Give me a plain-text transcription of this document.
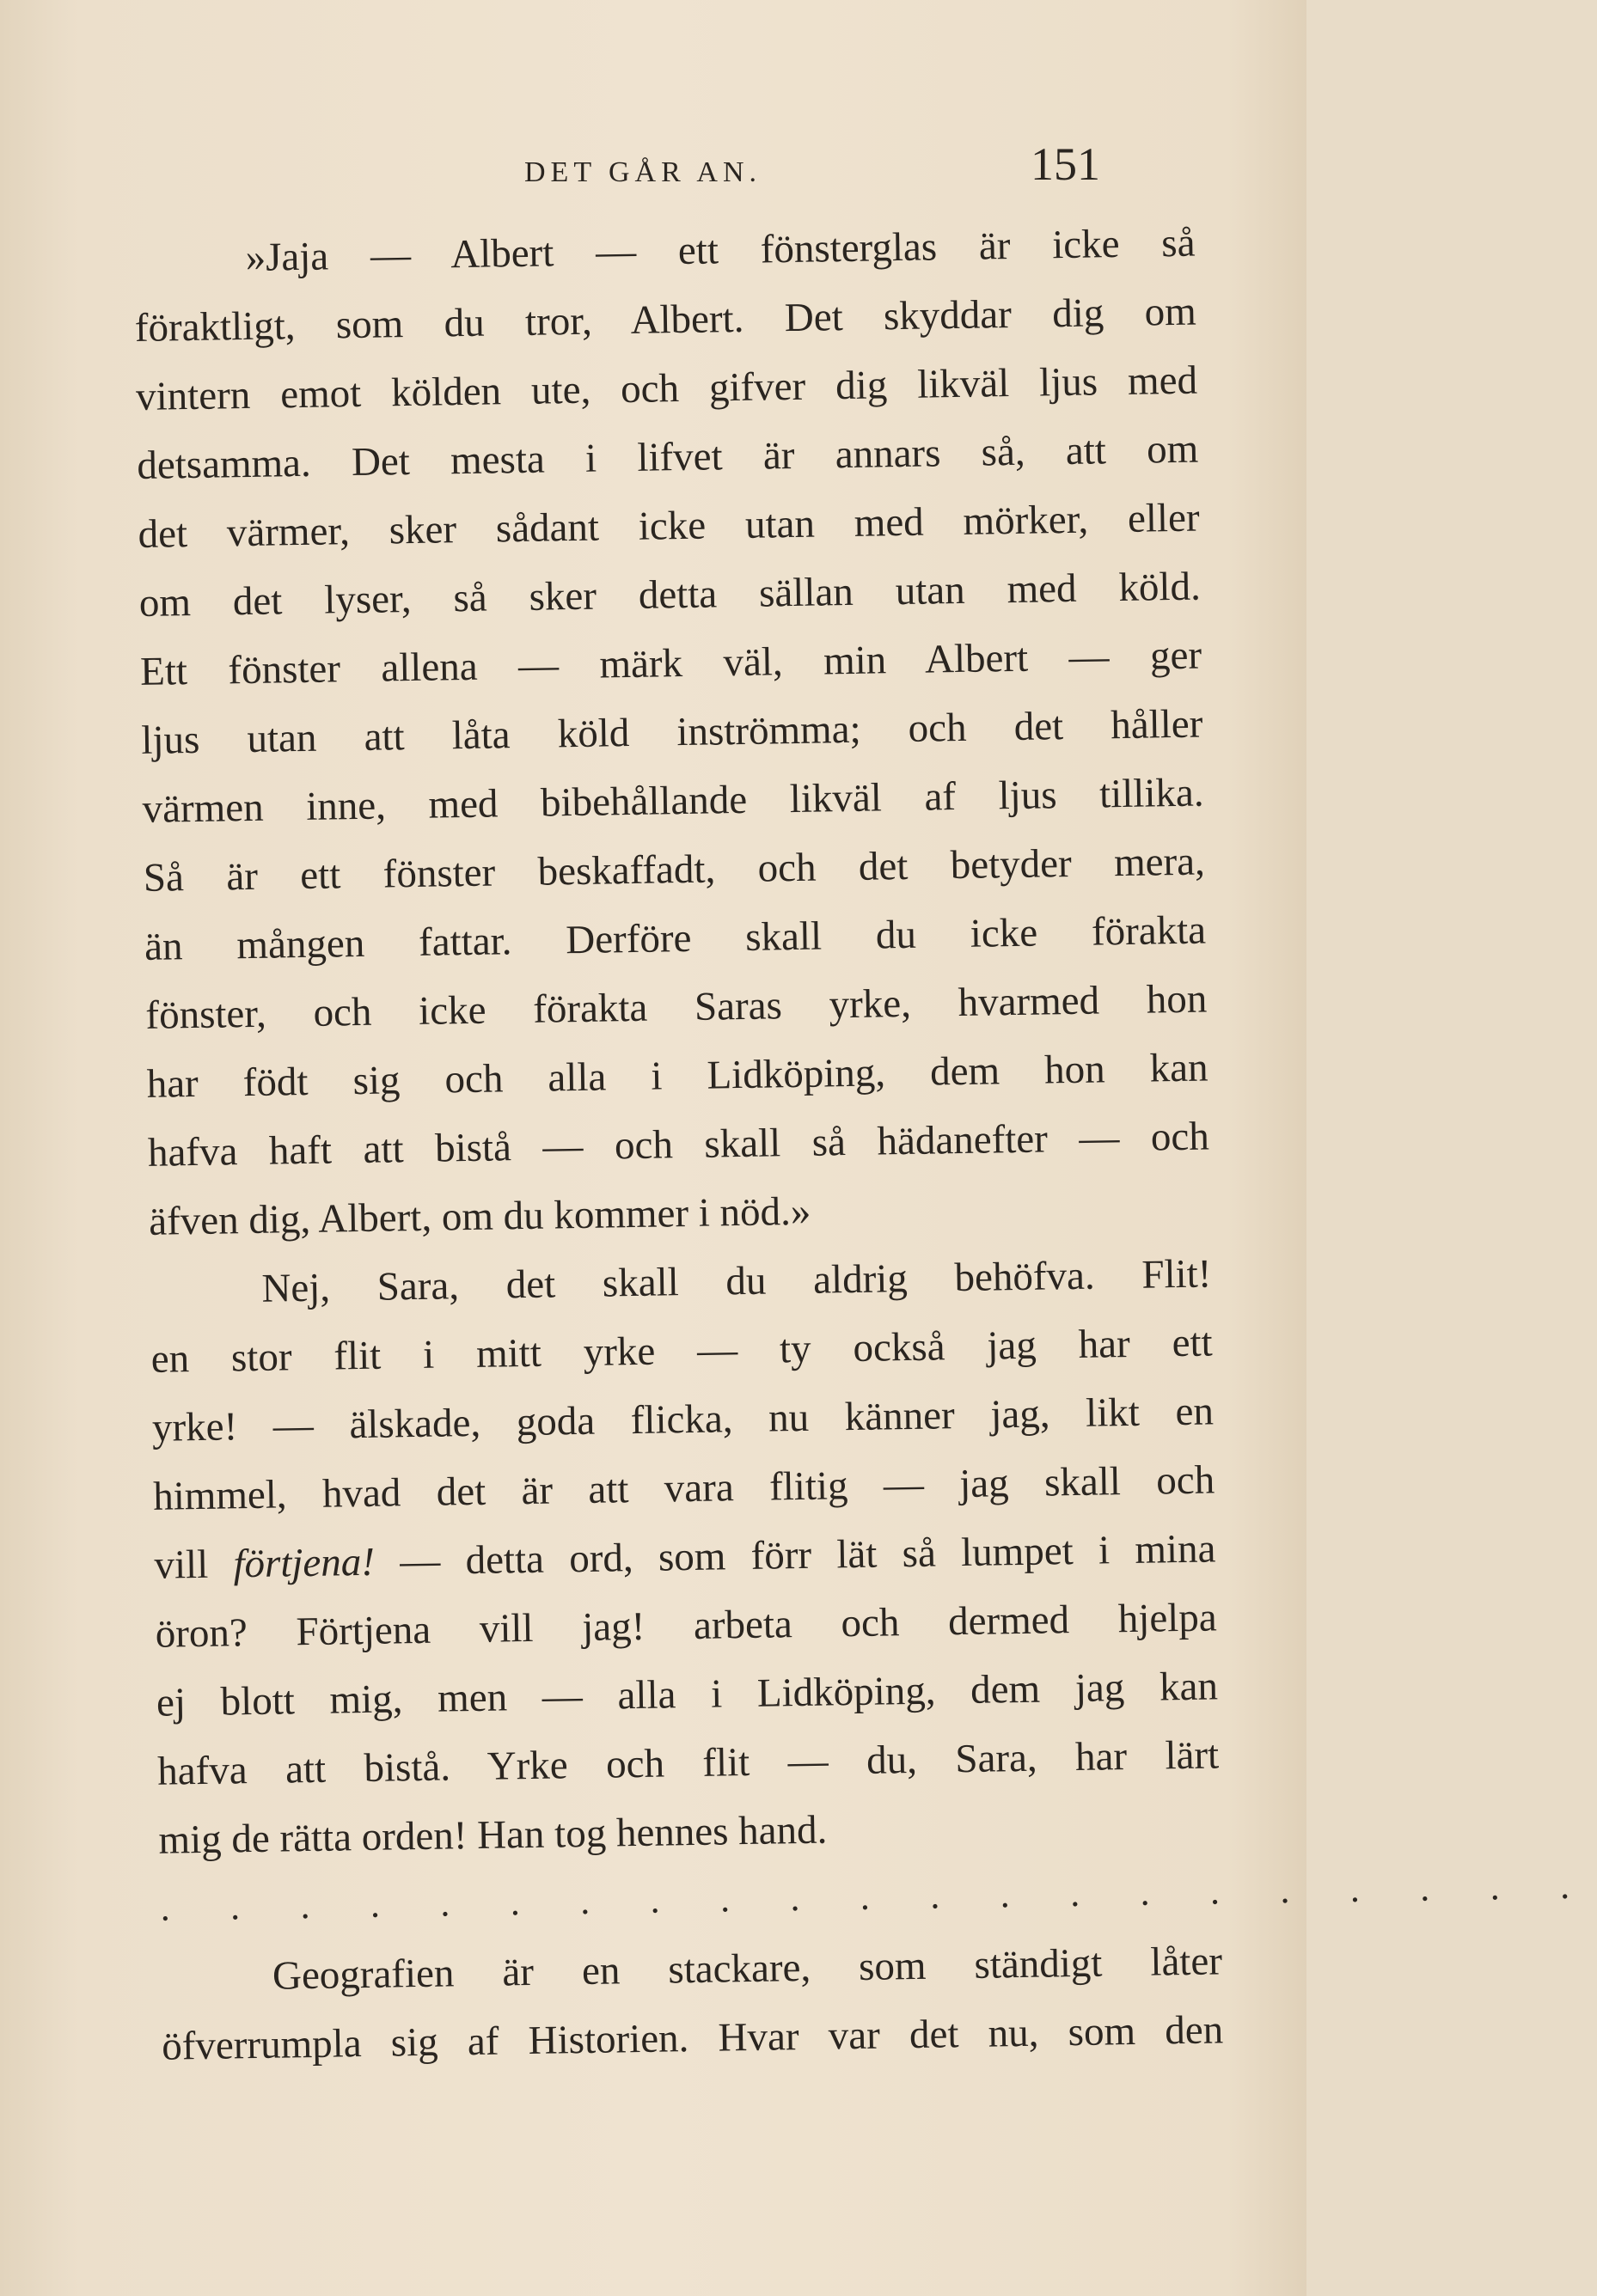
DET GÅR AN.	151
»Jaja — Albert — ett fönsterglas är icke så
föraktligt, som du tror, Albert. Det skyddar dig om
vintern emot kölden ute, och gifver dig likväl ljus med
detsamma. Det mesta i lifvet är annars så, att om
det värmer, sker sådant icke utan med mörker, eller
om det lyser, så sker detta sällan utan med köld.
Ett fönster allena — märk väl, min Albert — ger
ljus utan att låta köld inströmma; och det håller
värmen inne, med bibehållande likväl af ljus tillika.
Så är ett fönster beskaffadt, och det betyder mera,
än mången fattar. Derföre skall du icke förakta
fönster, och icke förakta Saras yrke, hvarmed hon
har födt sig och alla i Lidköping, dem hon kan
hafva haft att bistå — och skall så hädanefter — och
äfven dig, Albert, om du kommer i nöd.»
Nej, Sara, det skall du aldrig behöfva. Flit!
en stor flit i mitt yrke — ty också jag har ett
yrke! — älskade, goda flicka, nu känner jag, likt en
himmel, hvad det är att vara flitig — jag skall och
vill förtjena! — detta ord, som förr lät så lumpet i mina
öron? Förtjena vill jag! arbeta och dermed hjelpa
ej blott mig, men — alla i Lidköping, dem jag kan
hafva att bistå. Yrke och flit — du, Sara, har lärt
mig de rätta orden! Han tog hennes hand.
. . . . . . . . . . . . . . . . . . . . .
Geografien är en stackare, som ständigt låter
öfverrumpla sig af Historien. Hvar var det nu, som den
